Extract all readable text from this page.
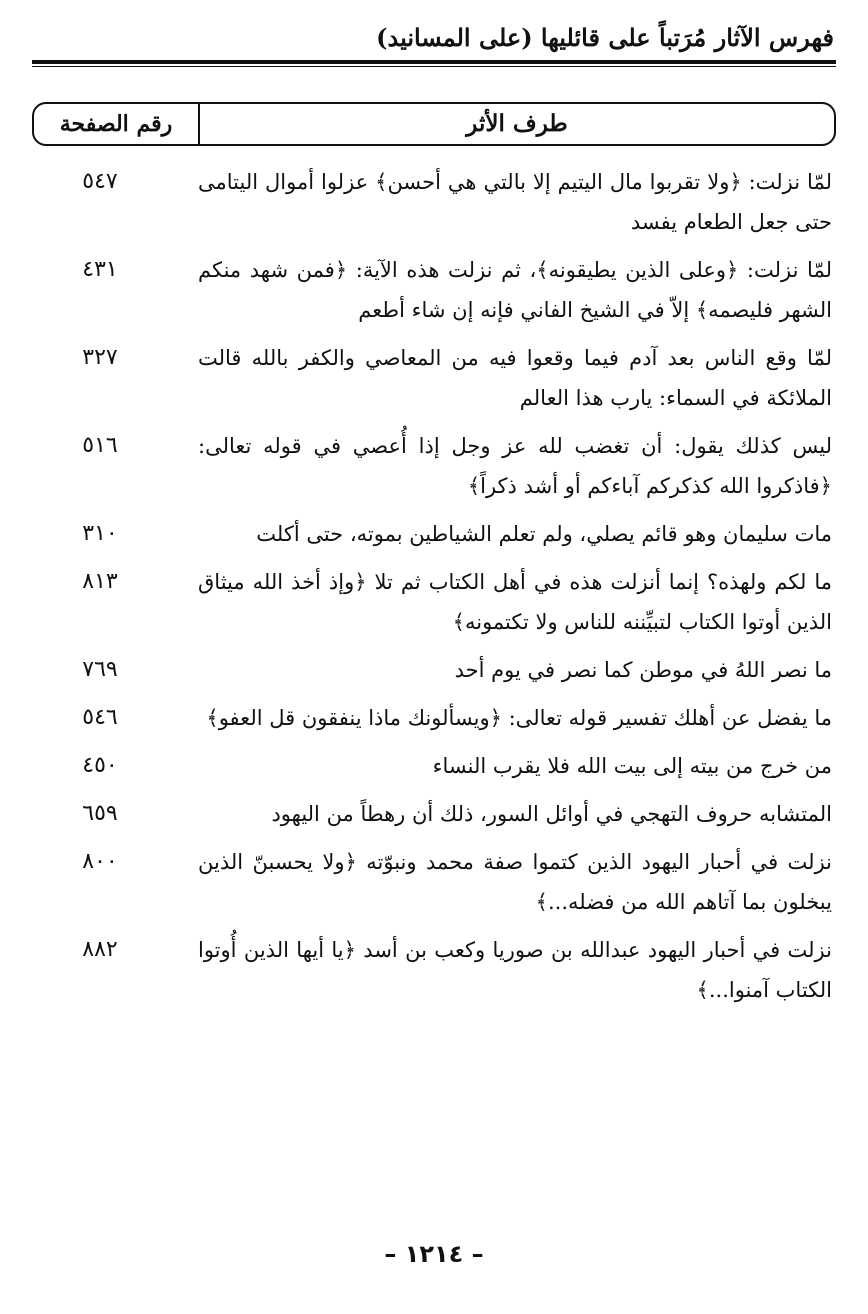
فهرس الآثار مُرَتباً على قائليها (على المسانيد)
طرف الأثر
رقم الصفحة
لمّا نزلت: ﴿ولا تقربوا مال اليتيم إلا بالتي هي أحسن﴾ عزلوا أموال اليتامى حتى جعل الطعام يفسد
٥٤٧
لمّا نزلت: ﴿وعلى الذين يطيقونه﴾، ثم نزلت هذه الآية: ﴿فمن شهد منكم الشهر فليصمه﴾ إلاّ في الشيخ الفاني فإنه إن شاء أطعم
٤٣١
لمّا وقع الناس بعد آدم فيما وقعوا فيه من المعاصي والكفر بالله قالت الملائكة في السماء: يارب هذا العالم
٣٢٧
ليس كذلك يقول: أن تغضب لله عز وجل إذا أُعصي في قوله تعالى: ﴿فاذكروا الله كذكركم آباءكم أو أشد ذكراً﴾
٥١٦
مات سليمان وهو قائم يصلي، ولم تعلم الشياطين بموته، حتى أكلت
٣١٠
ما لكم ولهذه؟ إنما أنزلت هذه في أهل الكتاب ثم تلا ﴿وإذ أخذ الله ميثاق الذين أوتوا الكتاب لتبيِّننه للناس ولا تكتمونه﴾
٨١٣
ما نصر اللهُ في موطن كما نصر في يوم أحد
٧٦٩
ما يفضل عن أهلك تفسير قوله تعالى: ﴿ويسألونك ماذا ينفقون قل العفو﴾
٥٤٦
من خرج من بيته إلى بيت الله فلا يقرب النساء
٤٥٠
المتشابه حروف التهجي في أوائل السور، ذلك أن رهطاً من اليهود
٦٥٩
نزلت في أحبار اليهود الذين كتموا صفة محمد ونبوّته ﴿ولا يحسبنّ الذين يبخلون بما آتاهم الله من فضله...﴾
٨٠٠
نزلت في أحبار اليهود عبدالله بن صوريا وكعب بن أسد ﴿يا أيها الذين أُوتوا الكتاب آمنوا...﴾
٨٨٢
– ١٢١٤ –
